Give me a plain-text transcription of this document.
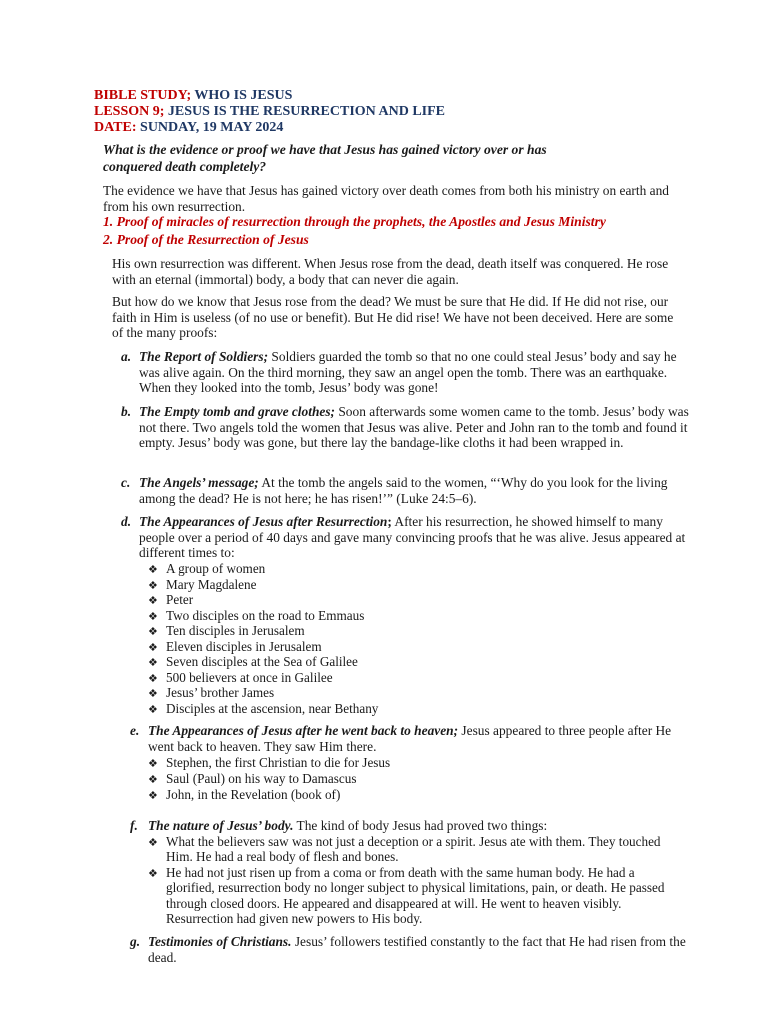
BIBLE STUDY; WHO IS JESUS
LESSON 9; JESUS IS THE RESURRECTION AND LIFE
DATE: SUNDAY, 19 MAY 2024
What is the evidence or proof we have that Jesus has gained victory over or has conquered death completely?
The evidence we have that Jesus has gained victory over death comes from both his ministry on earth and from his own resurrection.
1. Proof of miracles of resurrection through the prophets, the Apostles and Jesus Ministry
2. Proof of the Resurrection of Jesus
His own resurrection was different. When Jesus rose from the dead, death itself was conquered. He rose with an eternal (immortal) body, a body that can never die again.
But how do we know that Jesus rose from the dead? We must be sure that He did. If He did not rise, our faith in Him is useless (of no use or benefit). But He did rise! We have not been deceived. Here are some of the many proofs:
a. The Report of Soldiers; Soldiers guarded the tomb so that no one could steal Jesus’ body and say he was alive again. On the third morning, they saw an angel open the tomb. There was an earthquake. When they looked into the tomb, Jesus’ body was gone!
b. The Empty tomb and grave clothes; Soon afterwards some women came to the tomb. Jesus’ body was not there. Two angels told the women that Jesus was alive. Peter and John ran to the tomb and found it empty. Jesus’ body was gone, but there lay the bandage-like cloths it had been wrapped in.
c. The Angels’ message; At the tomb the angels said to the women, “‘Why do you look for the living among the dead? He is not here; he has risen!’” (Luke 24:5–6).
d. The Appearances of Jesus after Resurrection; After his resurrection, he showed himself to many people over a period of 40 days and gave many convincing proofs that he was alive. Jesus appeared at different times to:
❖ A group of women
❖ Mary Magdalene
❖ Peter
❖ Two disciples on the road to Emmaus
❖ Ten disciples in Jerusalem
❖ Eleven disciples in Jerusalem
❖ Seven disciples at the Sea of Galilee
❖ 500 believers at once in Galilee
❖ Jesus’ brother James
❖ Disciples at the ascension, near Bethany
e. The Appearances of Jesus after he went back to heaven; Jesus appeared to three people after He went back to heaven. They saw Him there.
❖ Stephen, the first Christian to die for Jesus
❖ Saul (Paul) on his way to Damascus
❖ John, in the Revelation (book of)
f. The nature of Jesus’ body. The kind of body Jesus had proved two things:
❖ What the believers saw was not just a deception or a spirit. Jesus ate with them. They touched Him. He had a real body of flesh and bones.
❖ He had not just risen up from a coma or from death with the same human body. He had a glorified, resurrection body no longer subject to physical limitations, pain, or death. He passed through closed doors. He appeared and disappeared at will. He went to heaven visibly. Resurrection had given new powers to His body.
g. Testimonies of Christians. Jesus’ followers testified constantly to the fact that He had risen from the dead.
